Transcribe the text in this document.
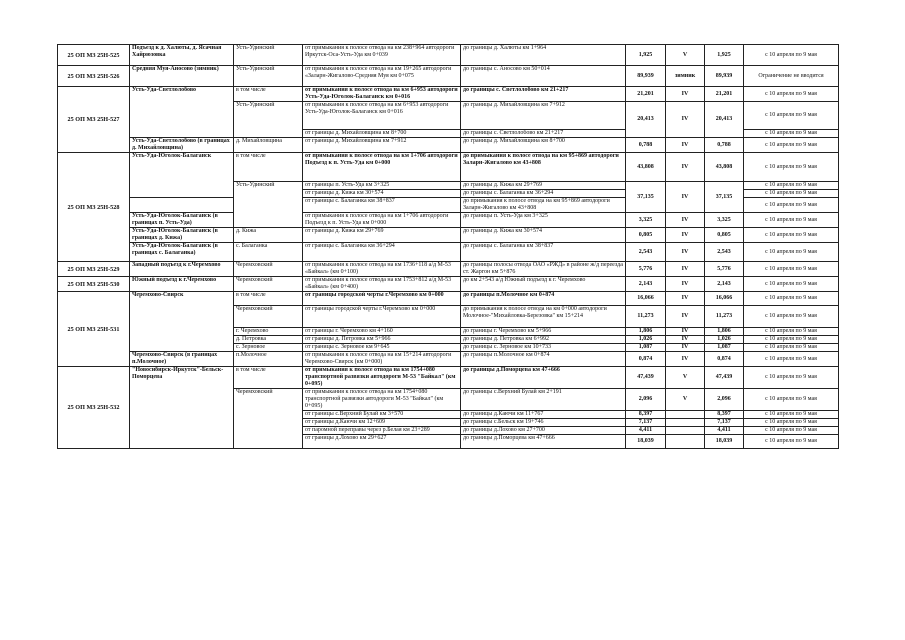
25 ОП МЗ 25Н-525	Подъезд к д. Халюты, д. Ясачная Хайрюзовка	Усть-Удинский	от примыкания к полосе отвода на км 238+964 автодороги Иркутск-Оса-Усть-Уда км 0+039	до границы д. Халюты км 1+964	1,925	V	1,925	с 10 апреля по 9 мая
25 ОП МЗ 25Н-526	Средняя Муя-Аносово (зимник)	Усть-Удинский	от примыкания к полосе отвода на км 19+265 автодороги «Заларн-Жигалово-Средняя Муя км 0+075	до границы с. Аносово км 50+014	89,939	зимник	89,939	Ограничение не вводится
25 ОП МЗ 25Н-527	Усть-Уда-Светлолобово	в том числе	от примыкания к полосе отвода на км 6+953 автодороги Усть-Уда-Юголок-Балаганск км 0+016	до границы с. Светлолобово км 21+217	21,201	IV	21,201	с 10 апреля по 9 мая
		Усть-Удинский	от примыкания к полосе отвода на км 6+953 автодороги Усть-Уда-Юголок-Балаганск км 0+016	до границы д. Михайловщина км 7+912	20,413	IV	20,413	с 10 апреля по 9 мая
			от границы д. Михайловщина км 8+700	до границы с. Светлолобово км 21+217				с 10 апреля по 9 мая
	Усть-Уда-Светлолобово (в границах д. Михайловщина)	д. Михайловщина	от границы д. Михайловщина км 7+912	до границы д. Михайловщина км 8+700	0,788	IV	0,788	с 10 апреля по 9 мая
25 ОП МЗ 25Н-528	Усть-Уда-Юголок-Балаганск	в том числе	от примыкания к полосе отвода на км 1+706 автодороги Подъезд к п. Усть-Уда км 0+000	до примыкания к полосе отвода на км 95+869 автодороги Заларн-Жигалово км 43+808	43,808	IV	43,808	с 10 апреля по 9 мая
		Усть-Удинский	от границы п. Усть-Уда км 3+325	до границы д. Кижа км 29+769	37,135	IV	37,135	с 10 апреля по 9 мая
			от границы д. Кижа км 30+574	до границы с. Балаганка км 36+294				с 10 апреля по 9 мая
			от границы с. Балаганка км 38+837	до примыкания к полосе отвода на км 95+869 автодороги Заларн-Жигалово км 43+808				с 10 апреля по 9 мая
	Усть-Уда-Юголок-Балаганск (в границах п. Усть-Уда)		от примыкания к полосе отвода на км 1+706 автодороги Подъезд к п. Усть-Уда км 0+000	до границы п. Усть-Уда км 3+325	3,325	IV	3,325	с 10 апреля по 9 мая
	Усть-Уда-Юголок-Балаганск (в границах д. Кижа)	д. Кижа	от границы д. Кижа км 29+769	до границы д. Кижа км 30+574	0,805	IV	0,805	с 10 апреля по 9 мая
	Усть-Уда-Юголок-Балаганск (в границах с. Балаганка)	с. Балаганка	от границы с. Балаганка км 36+294	до границы с. Балаганка км 38+837	2,543	IV	2,543	с 10 апреля по 9 мая
25 ОП МЗ 25Н-529	Западный подъезд к г.Черемхово	Черемховский	от примыкания к полосе отвода на км 1736+118 а/д М-53 «Байкал» (км 0+100)	до границы полосы отвода ОАО «РЖД» в районе ж/д переезда ст. Жаргон км 5+876	5,776	IV	5,776	с 10 апреля по 9 мая
25 ОП МЗ 25Н-530	Южный подъезд к г.Черемхово	Черемховский	от примыкания к полосе отвода на км 1753+812 а/д М-53 «Байкал» (км 0+400)	до км 2+543 а/д Южный подъезд к г. Черемхово	2,143	IV	2,143	с 10 апреля по 9 мая
25 ОП МЗ 25Н-531	Черемхово-Свирск	в том числе	от границы городской черты г.Черемхово км 0+000	до границы п.Молочное км 0+874	16,066	IV	16,066	с 10 апреля по 9 мая
		Черемховский	от границы городской черты г.Черемхово км 0+000	до примыкания к полосе отвода на км 0+000 автодороги Молочное-"Михайловка-Березовка" км 15+214	11,273	IV	11,273	с 10 апреля по 9 мая
		г. Черемхово	от границы г. Черемхово км 4+160	до границы г. Черемхово км 5+966	1,806	IV	1,806	с 10 апреля по 9 мая
		д. Петровка	от границы д. Петровка км 5+966	до границы д. Петровка км 6+992	1,026	IV	1,026	с 10 апреля по 9 мая
		с. Зерновое	от границы с. Зерновое км 9+645	до границы с. Зерновое км 10+733	1,087	IV	1,087	с 10 апреля по 9 мая
	Черемхово-Свирск (в границах п.Молочное)	п.Молочное	от примыкания к полосе отвода на км 15+214 автодороги Черемхово-Свирск (км 0+000)	до границы п.Молочное км 0+874	0,874	IV	0,874	с 10 апреля по 9 мая
25 ОП МЗ 25Н-532	"Новосибирск-Иркутск"-Бельск-Помоpцева	в том числе	от примыкания к полосе отвода на км 1754+080 транспортной развязки автодороги М-53 "Байкал" (км 0+095)	до границы д.Помоpцева км 47+666	47,439	V	47,439	с 10 апреля по 9 мая
		Черемховский	от примыкания к полосе отвода на км 1754+080 транспортной развязки автодороги М-53 "Байкал" (км 0+095)	до границы с.Верхний Булай км 2+191	2,096	V	2,096	с 10 апреля по 9 мая
			от границы с.Верхний Булай км 3+570	до границы д.Каючи км 11+767	8,397		8,397	с 10 апреля по 9 мая
			от границы д.Каючи км 12+609	до границы с.Бельск км 19+746	7,137		7,137	с 10 апреля по 9 мая
			от паромной переправы через р.Белая км 23+289	до границы д.Лохово км 27+700	4,411		4,411	с 10 апреля по 9 мая
			от границы д.Лохово км 29+627	до границы д.Помоpцева км 47+666	18,039		18,039	с 10 апреля по 9 мая
